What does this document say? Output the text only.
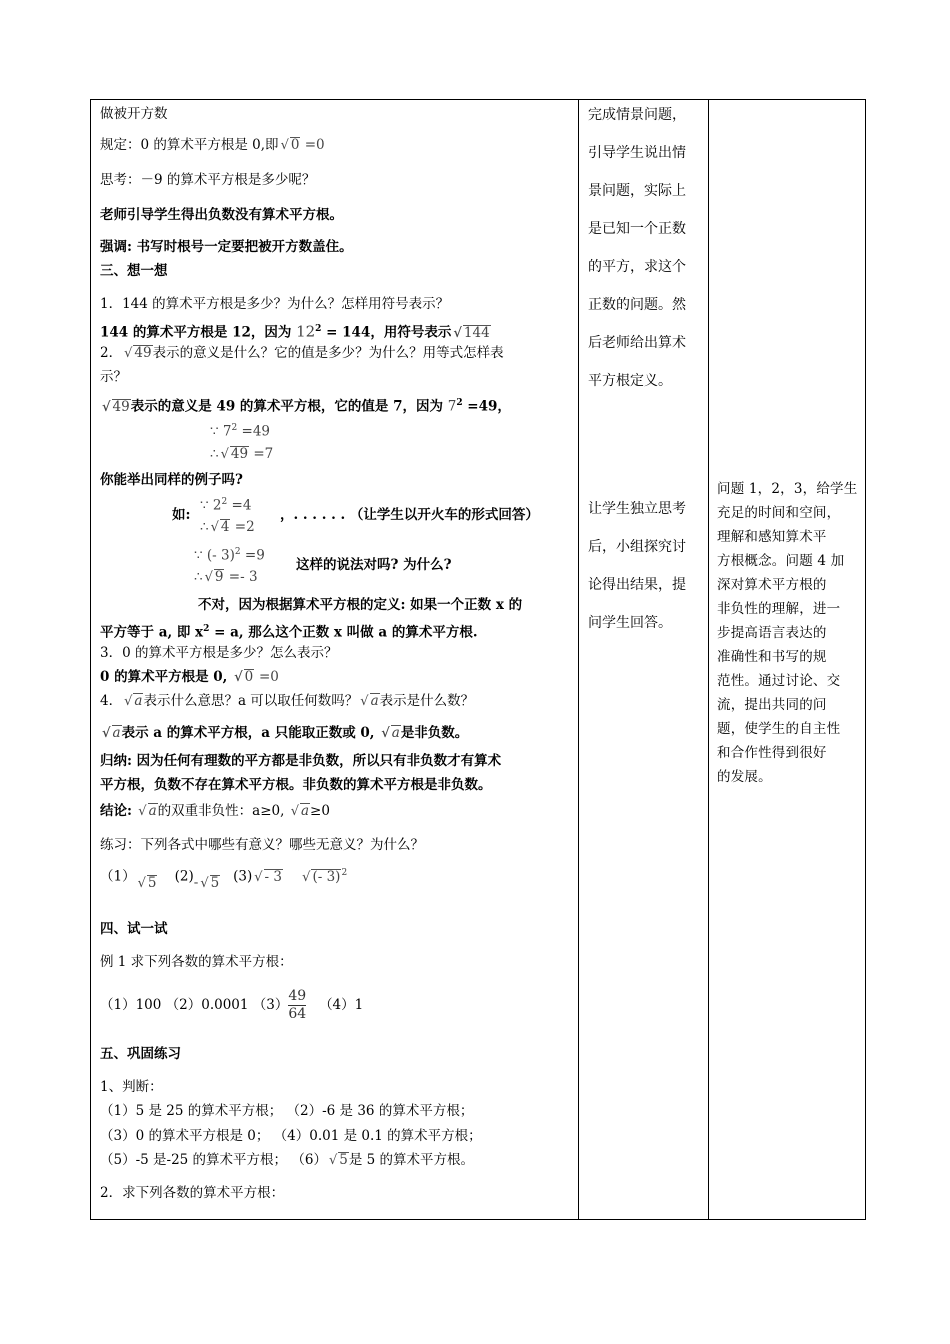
做被开方数
规定：0 的算术平方根是 0,即 √ 0 =0
思考：－9 的算术平方根是多少呢？
老师引导学生得出负数没有算术平方根。
强调: 书写时根号一定要把被开方数盖住。
三、想一想
1．144 的算术平方根是多少？为什么？怎样用符号表示？
144 的算术平方根是 12，因为 $12^2 = 144$，用符号表示 √ 144
2． √ 49表示的意义是什么？它的值是多少？为什么？用等式怎样表
示？
√ 49表示的意义是 49 的算术平方根，它的值是 7，因为 $7^2 =49$，
∵ $7^2 =49$
∴ √ 49 =7
你能举出同样的例子吗?
∵ $2^2 =4$
如:
∴ √ 4 =2
，. . . . . . （让学生以开火车的形式回答）
∵ (- 3)$^2$ =9
∴ √ 9 =- 3
这样的说法对吗? 为什么?
不对，因为根据算术平方根的定义: 如果一个正数 x 的
平方等于 a, 即 $x^2 = a$, 那么这个正数 x 叫做 a 的算术平方根.
3．0 的算术平方根是多少？怎么表示？
0 的算术平方根是 0, √ 0 =0
4． √ a表示什么意思？a 可以取任何数吗？ √ a表示是什么数？
√ a表示 a 的算术平方根，a 只能取正数或 0, √ a是非负数。
归纳: 因为任何有理数的平方都是非负数，所以只有非负数才有算术
平方根，负数不存在算术平方根。非负数的算术平方根是非负数。
结论: √ a的双重非负性：a≥0, √ a≥0
练习：下列各式中哪些有意义？哪些无意义？为什么？
（1） √ 5 (2)- √ 5 (3) √ - 3 √ (- 3)$^2$
四、试一试
例 1 求下列各数的算术平方根：
（1）100 （2）0.0001 $(3) \frac{49}{64} (4)1$
五、巩固练习
1、判断：
（1）5 是 25 的算术平方根； （2）-6 是 36 的算术平方根；
（3）0 的算术平方根是 0； （4）0.01 是 0.1 的算术平方根；
（5）-5 是-25 的算术平方根； （6） √ 5是 5 的算术平方根。
2．求下列各数的算术平方根：
完成情景问题，
引导学生说出情
景问题，实际上
是已知一个正数
的平方，求这个
正数的问题。然
后老师给出算术
平方根定义。
让学生独立思考
后，小组探究讨
论得出结果，提
问学生回答。
问题 1，2，3，给学生
充足的时间和空间，
理解和感知算术平
方根概念。问题 4 加
深对算术平方根的
非负性的理解，进一
步提高语言表达的
准确性和书写的规
范性。通过讨论、交
流，提出共同的问
题，使学生的自主性
和合作性得到很好
的发展。
